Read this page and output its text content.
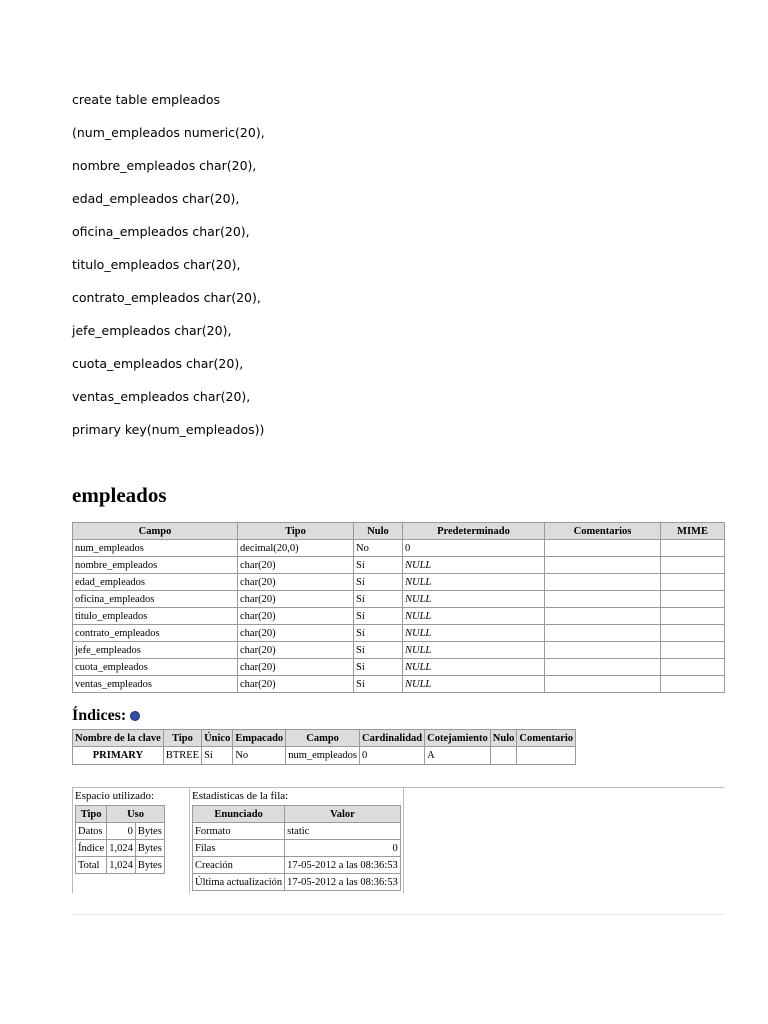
create table empleados
(num_empleados numeric(20),
nombre_empleados char(20),
edad_empleados char(20),
oficina_empleados char(20),
titulo_empleados char(20),
contrato_empleados char(20),
jefe_empleados char(20),
cuota_empleados char(20),
ventas_empleados char(20),
primary key(num_empleados))
empleados
Campo	Tipo	Nulo	Predeterminado	Comentarios	MIME
num_empleados	decimal(20,0)	No	0		
nombre_empleados	char(20)	Sí	NULL		
edad_empleados	char(20)	Sí	NULL		
oficina_empleados	char(20)	Sí	NULL		
titulo_empleados	char(20)	Sí	NULL		
contrato_empleados	char(20)	Sí	NULL		
jefe_empleados	char(20)	Sí	NULL		
cuota_empleados	char(20)	Sí	NULL		
ventas_empleados	char(20)	Sí	NULL		
Índices:
Nombre de la clave	Tipo	Único	Empacado	Campo	Cardinalidad	Cotejamiento	Nulo	Comentario
PRIMARY	BTREE	Sí	No	num_empleados	0	A		
Espacio utilizado:
Tipo	Uso	
Datos	0	Bytes
Índice	1,024	Bytes
Total	1,024	Bytes
Estadísticas de la fila:
Enunciado	Valor
Formato	static
Filas	0
Creación	17-05-2012 a las 08:36:53
Última actualización	17-05-2012 a las 08:36:53
